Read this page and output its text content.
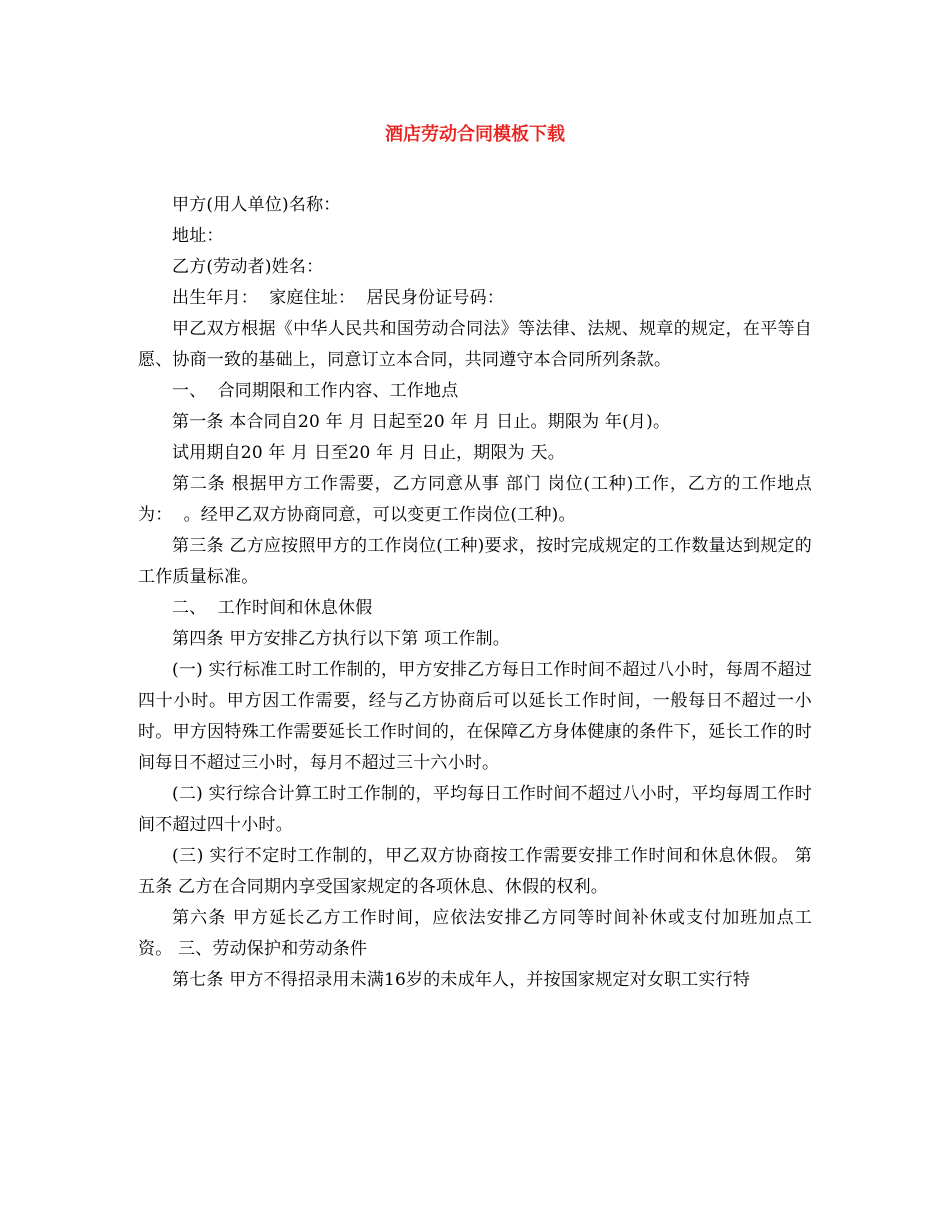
酒店劳动合同模板下载

甲方(用人单位)名称：

地址：

乙方(劳动者)姓名：

出生年月：  家庭住址：  居民身份证号码：

甲乙双方根据《中华人民共和国劳动合同法》等法律、法规、规章的规定，在平等自愿、协商一致的基础上，同意订立本合同，共同遵守本合同所列条款。

一、  合同期限和工作内容、工作地点

第一条 本合同自20 年 月 日起至20 年 月 日止。期限为 年(月)。

试用期自20 年 月 日至20 年 月 日止，期限为 天。

第二条 根据甲方工作需要，乙方同意从事 部门 岗位(工种)工作，乙方的工作地点为：  。经甲乙双方协商同意，可以变更工作岗位(工种)。

第三条 乙方应按照甲方的工作岗位(工种)要求，按时完成规定的工作数量达到规定的工作质量标准。

二、  工作时间和休息休假

第四条 甲方安排乙方执行以下第 项工作制。

(一) 实行标准工时工作制的，甲方安排乙方每日工作时间不超过八小时，每周不超过四十小时。甲方因工作需要，经与乙方协商后可以延长工作时间，一般每日不超过一小时。甲方因特殊工作需要延长工作时间的，在保障乙方身体健康的条件下，延长工作的时间每日不超过三小时，每月不超过三十六小时。

(二) 实行综合计算工时工作制的，平均每日工作时间不超过八小时，平均每周工作时间不超过四十小时。

(三) 实行不定时工作制的，甲乙双方协商按工作需要安排工作时间和休息休假。 第五条 乙方在合同期内享受国家规定的各项休息、休假的权利。

第六条 甲方延长乙方工作时间，应依法安排乙方同等时间补休或支付加班加点工资。 三、劳动保护和劳动条件

第七条 甲方不得招录用未满16岁的未成年人，并按国家规定对女职工实行特
